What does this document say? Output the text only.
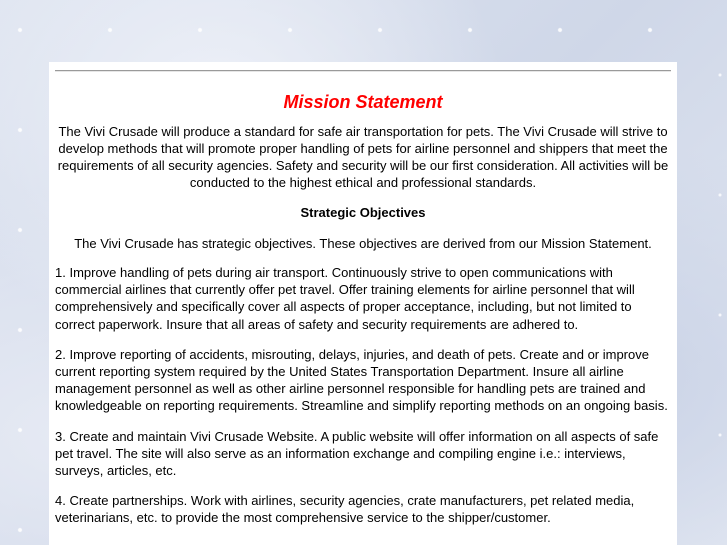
Mission Statement

The Vivi Crusade will produce a standard for safe air transportation for pets. The Vivi Crusade will strive to develop methods that will promote proper handling of pets for airline personnel and shippers that meet the requirements of all security agencies. Safety and security will be our first consideration. All activities will be conducted to the highest ethical and professional standards.

Strategic Objectives

The Vivi Crusade has strategic objectives. These objectives are derived from our Mission Statement.

1. Improve handling of pets during air transport. Continuously strive to open communications with commercial airlines that currently offer pet travel. Offer training elements for airline personnel that will comprehensively and specifically cover all aspects of proper acceptance, including, but not limited to correct paperwork. Insure that all areas of safety and security requirements are adhered to.

2. Improve reporting of accidents, misrouting, delays, injuries, and death of pets. Create and or improve current reporting system required by the United States Transportation Department. Insure all airline management personnel as well as other airline personnel responsible for handling pets are trained and knowledgeable on reporting requirements. Streamline and simplify reporting methods on an ongoing basis.

3. Create and maintain Vivi Crusade Website. A public website will offer information on all aspects of safe pet travel. The site will also serve as an information exchange and compiling engine i.e.: interviews, surveys, articles, etc.

4. Create partnerships. Work with airlines, security agencies, crate manufacturers, pet related media, veterinarians, etc. to provide the most comprehensive service to the shipper/customer.
